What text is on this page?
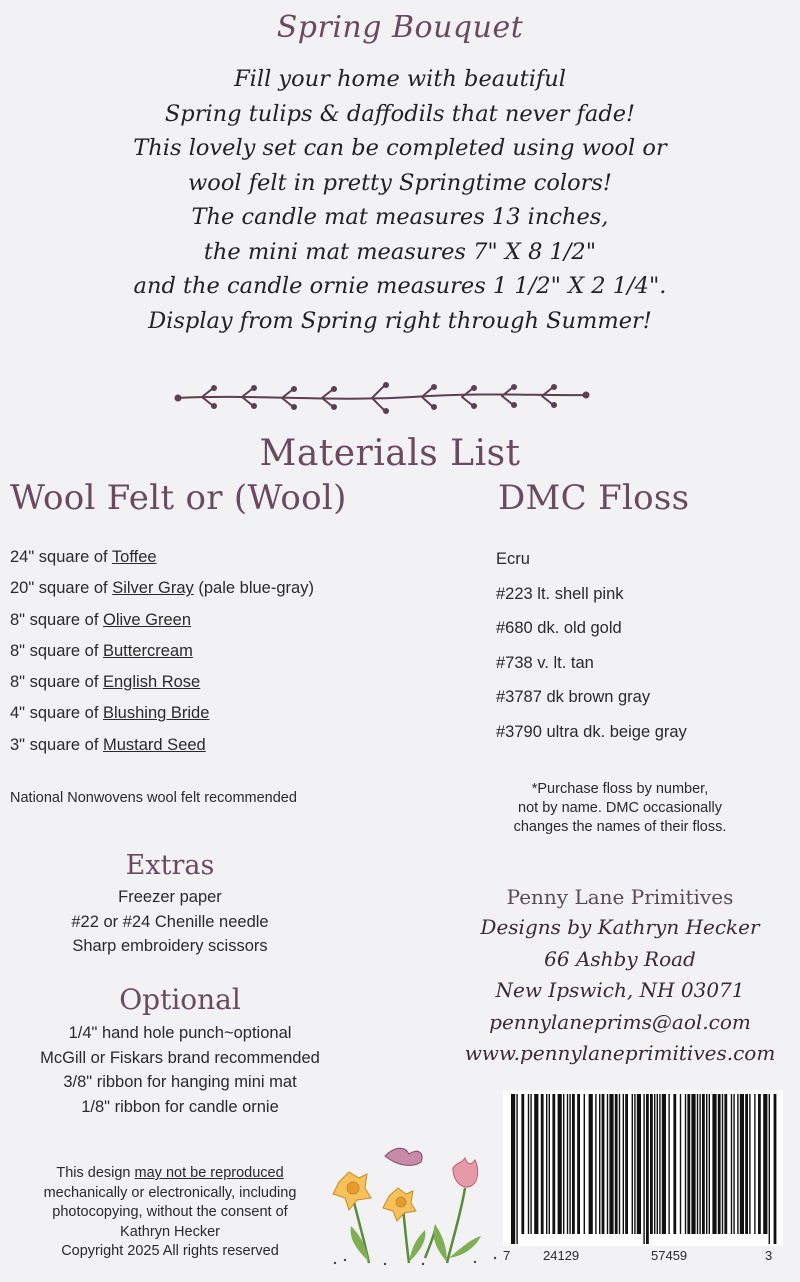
Spring Bouquet
Fill your home with beautiful
Spring tulips & daffodils that never fade!
This lovely set can be completed using wool or
wool felt in pretty Springtime colors!
The candle mat measures 13 inches,
the mini mat measures 7" X 8 1/2"
and the candle ornie measures 1 1/2" X 2 1/4".
Display from Spring right through Summer!
Materials List
Wool Felt or (Wool)	DMC Floss
24" square of Toffee
20" square of Silver Gray (pale blue-gray)
8" square of Olive Green
8" square of Buttercream
8" square of English Rose
4" square of Blushing Bride
3" square of Mustard Seed
Ecru
#223 lt. shell pink
#680 dk. old gold
#738 v. lt. tan
#3787 dk brown gray
#3790 ultra dk. beige gray
*Purchase floss by number,
not by name. DMC occasionally
changes the names of their floss.
National Nonwovens wool felt recommended
Extras
Freezer paper
#22 or #24 Chenille needle
Sharp embroidery scissors
Optional
1/4" hand hole punch~optional
McGill or Fiskars brand recommended
3/8" ribbon for hanging mini mat
1/8" ribbon for candle ornie
Penny Lane Primitives
Designs by Kathryn Hecker
66 Ashby Road
New Ipswich, NH 03071
pennylaneprims@aol.com
www.pennylaneprimitives.com
This design may not be reproduced
mechanically or electronically, including
photocopying, without the consent of
Kathryn Hecker
Copyright 2025 All rights reserved	7	24129	57459	3
